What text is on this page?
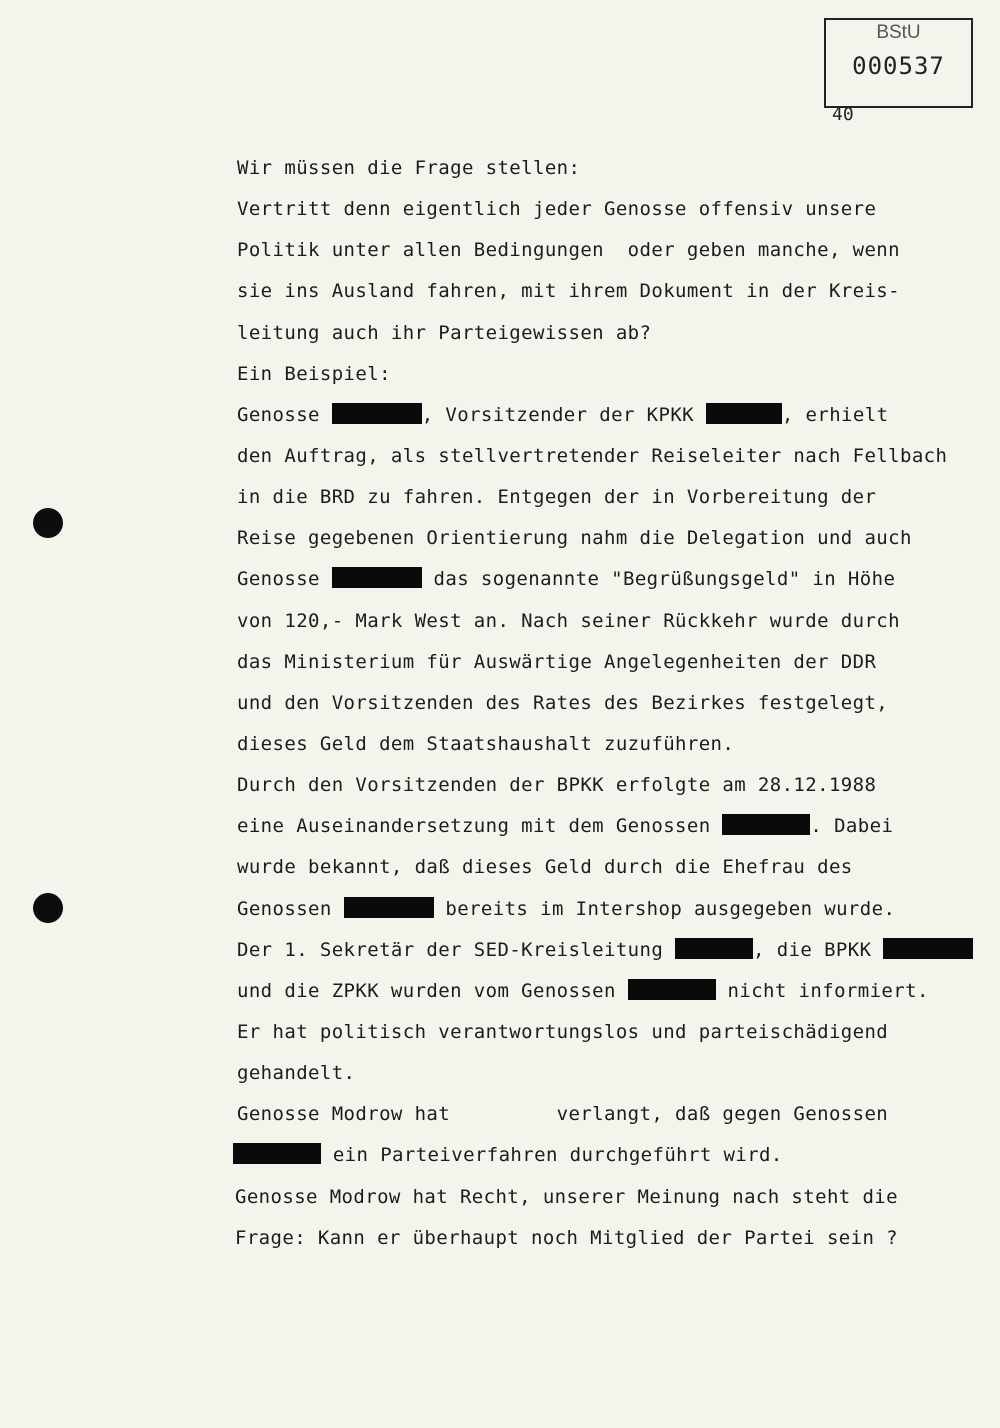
BStU
000537
40
Wir müssen die Frage stellen:
Vertritt denn eigentlich jeder Genosse offensiv unsere
Politik unter allen Bedingungen  oder geben manche, wenn
sie ins Ausland fahren, mit ihrem Dokument in der Kreis-
leitung auch ihr Parteigewissen ab?
Ein Beispiel:
Genosse	, Vorsitzender der KPKK	, erhielt
den Auftrag, als stellvertretender Reiseleiter nach Fellbach
in die BRD zu fahren. Entgegen der in Vorbereitung der
Reise gegebenen Orientierung nahm die Delegation und auch
Genosse	das sogenannte "Begrüßungsgeld" in Höhe
von 120,- Mark West an. Nach seiner Rückkehr wurde durch
das Ministerium für Auswärtige Angelegenheiten der DDR
und den Vorsitzenden des Rates des Bezirkes festgelegt,
dieses Geld dem Staatshaushalt zuzuführen.
Durch den Vorsitzenden der BPKK erfolgte am 28.12.1988
eine Auseinandersetzung mit dem Genossen	. Dabei
wurde bekannt, daß dieses Geld durch die Ehefrau des
Genossen	bereits im Intershop ausgegeben wurde.
Der 1. Sekretär der SED-Kreisleitung	, die BPKK
und die ZPKK wurden vom Genossen	nicht informiert.
Er hat politisch verantwortungslos und parteischädigend
gehandelt.
Genosse Modrow hat         verlangt, daß gegen Genossen
ein Parteiverfahren durchgeführt wird.
Genosse Modrow hat Recht, unserer Meinung nach steht die
Frage: Kann er überhaupt noch Mitglied der Partei sein ?
